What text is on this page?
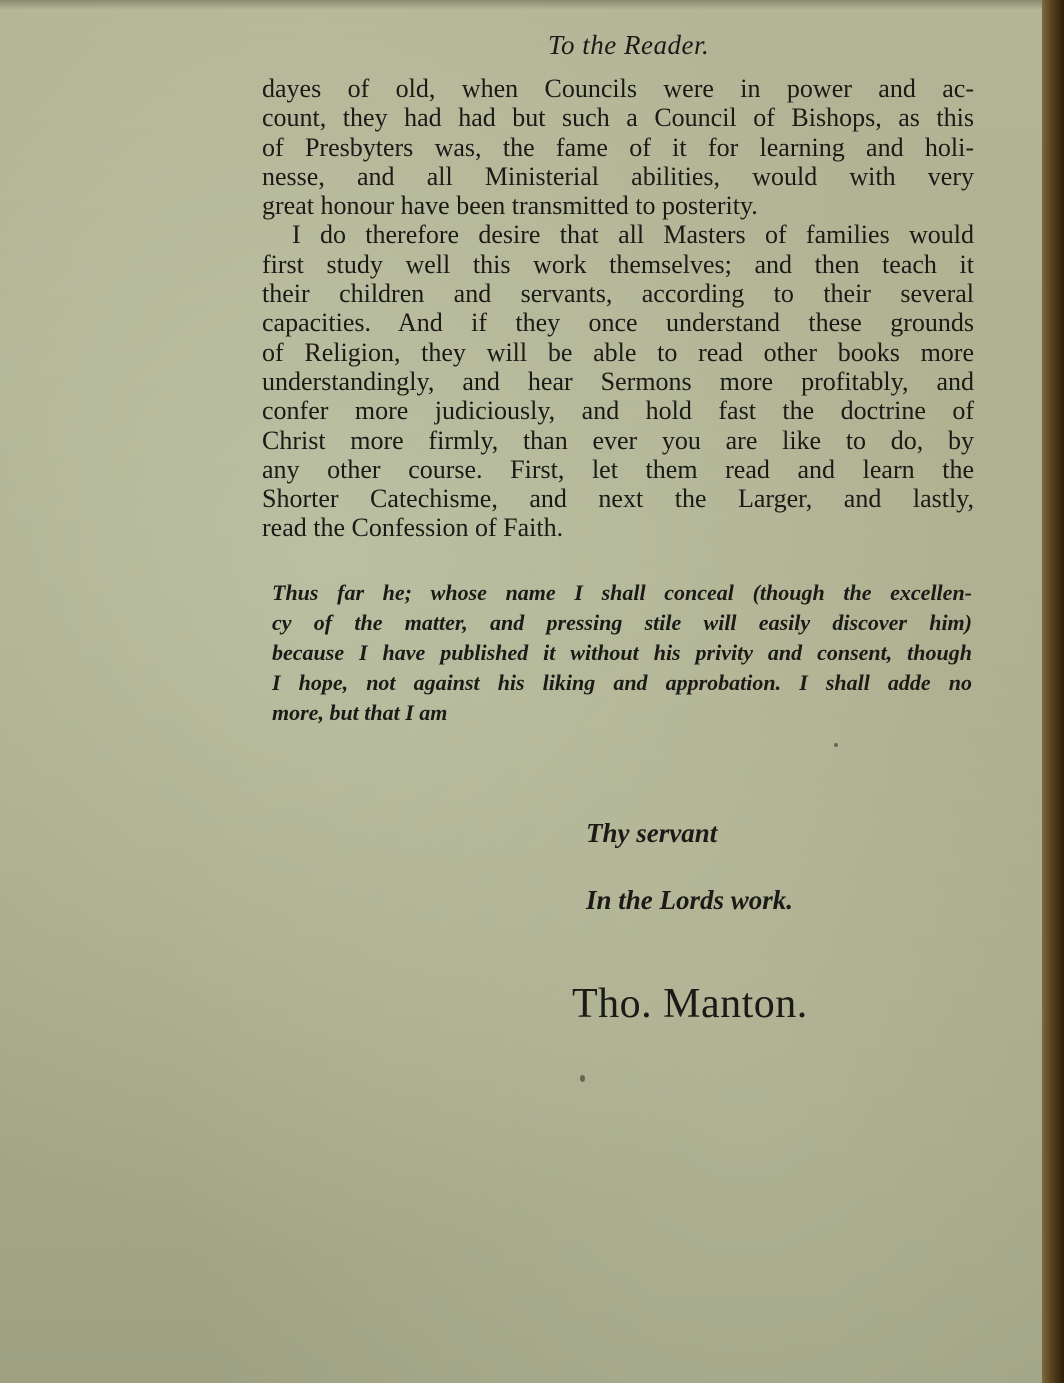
To the Reader.
dayes of old, when Councils were in power and ac-
count, they had had but such a Council of Bishops, as this
of Presbyters was, the fame of it for learning and holi-
nesse, and all Ministerial abilities, would with very
great honour have been transmitted to posterity.
I do therefore desire that all Masters of families would
first study well this work themselves; and then teach it
their children and servants, according to their several
capacities. And if they once understand these grounds
of Religion, they will be able to read other books more
understandingly, and hear Sermons more profitably, and
confer more judiciously, and hold fast the doctrine of
Christ more firmly, than ever you are like to do, by
any other course. First, let them read and learn the
Shorter Catechisme, and next the Larger, and lastly,
read the Confession of Faith.
Thus far he; whose name I shall conceal (though the excellen-
cy of the matter, and pressing stile will easily discover him)
because I have published it without his privity and consent, though
I hope, not against his liking and approbation. I shall adde no
more, but that I am
Thy servant
In the Lords work.
Tho. Manton.
